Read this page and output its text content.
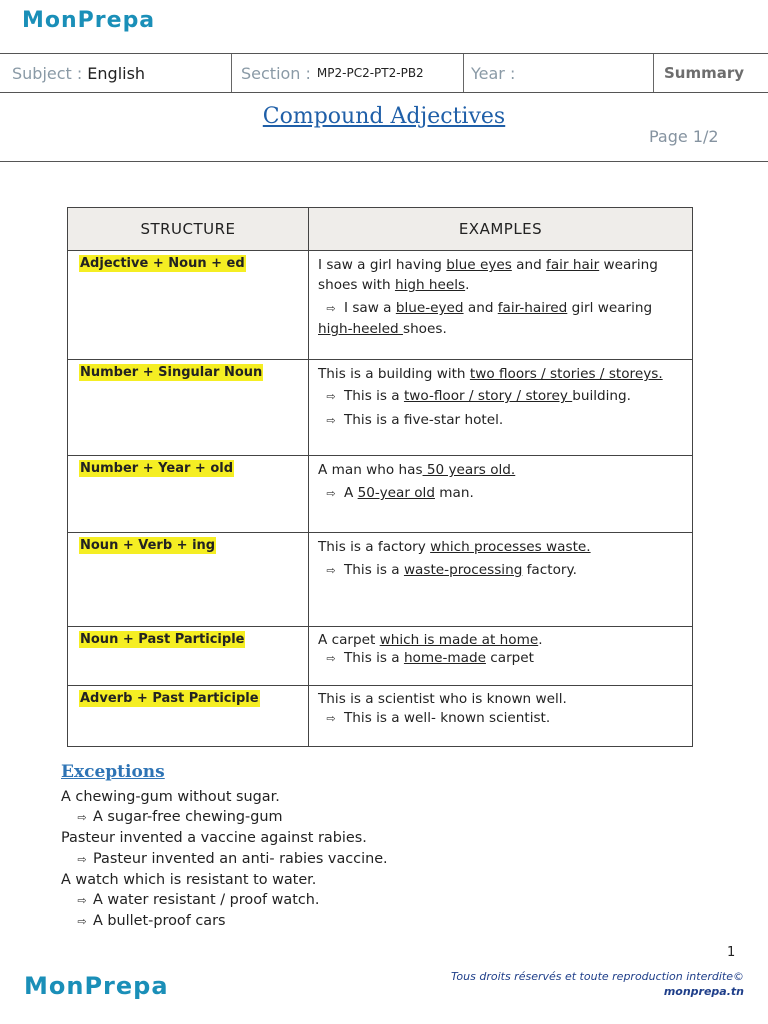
MonPrepa
Subject : English	Section : MP2-PC2-PT2-PB2	Year :	Summary
Compound Adjectives
Page 1/2
STRUCTURE	EXAMPLES
Adjective + Noun + ed	I saw a girl having blue eyes and fair hair wearing shoes with high heels.
⇨ I saw a blue-eyed and fair-haired girl wearing high-heeled shoes.

Number + Singular Noun	This is a building with two floors / stories / storeys.
⇨ This is a two-floor / story / storey building.
⇨ This is a five-star hotel.

Number + Year + old	A man who has 50 years old.
⇨ A 50-year old man.

Noun + Verb + ing	This is a factory which processes waste.
⇨ This is a waste-processing factory.

Noun + Past Participle	A carpet which is made at home.
⇨ This is a home-made carpet

Adverb + Past Participle	This is a scientist who is known well.
⇨ This is a well- known scientist.
Exceptions
A chewing-gum without sugar.
⇨ A sugar-free chewing-gum
Pasteur invented a vaccine against rabies.
⇨ Pasteur invented an anti- rabies vaccine.
A watch which is resistant to water.
⇨ A water resistant / proof watch.
⇨ A bullet-proof cars
1
MonPrepa	Tous droits réservés et toute reproduction interdite©
monprepa.tn
